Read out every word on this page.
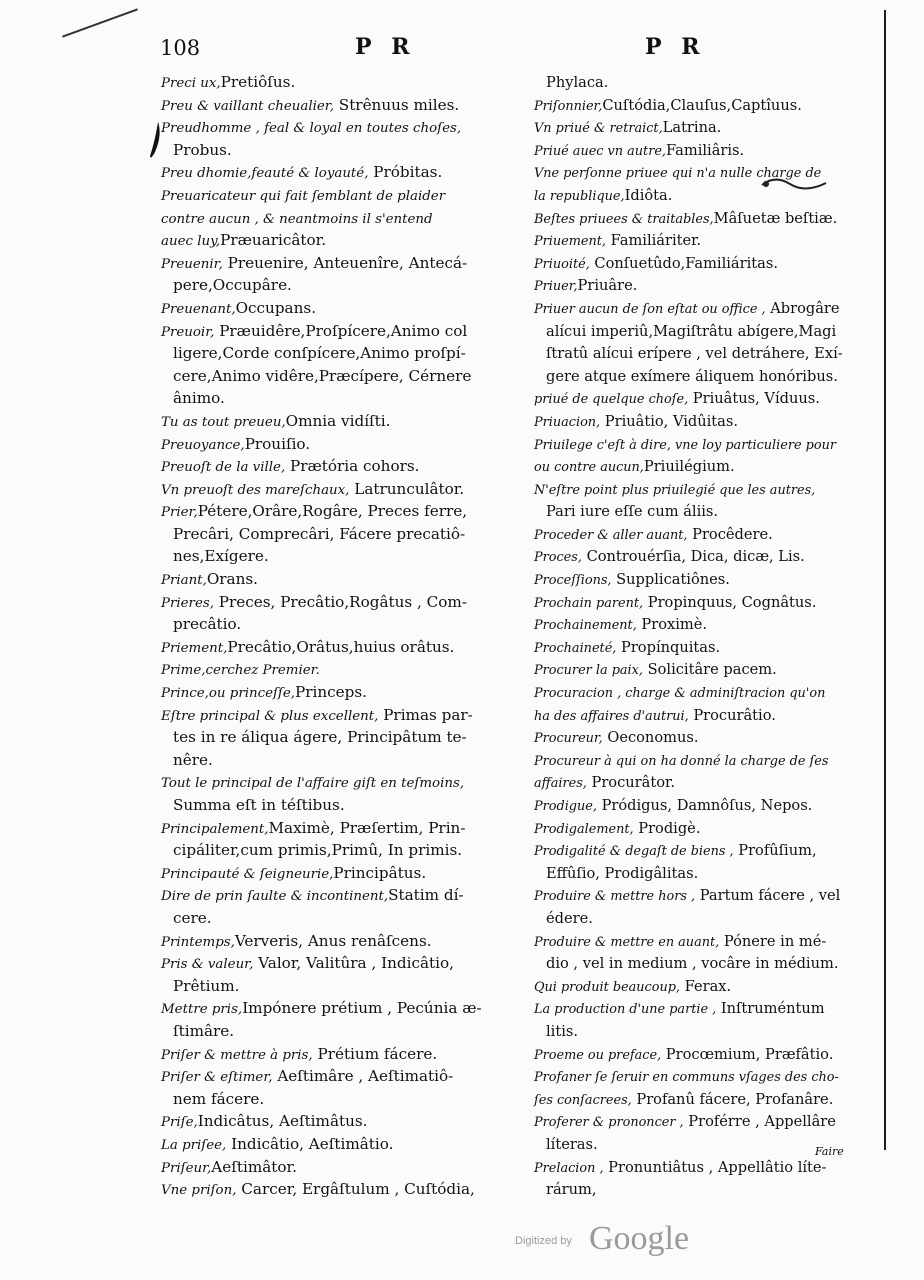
108	P R	P R
Preci ux,Pretiôſus.
Preu & vaillant cheualier, Strênuus miles.
Preudhomme , feal & loyal en toutes choſes,
Probus.
Preu dhomie,feauté & loyauté, Próbitas.
Preuaricateur qui fait ſemblant de plaider
contre aucun , & neantmoins il s'entend
auec luy,Præuaricâtor.
Preuenir, Preuenire, Anteuenîre, Antecá-
pere,Occupâre.
Preuenant,Occupans.
Preuoir, Præuidêre,Proſpícere,Animo col
ligere,Corde conſpícere,Animo proſpí-
cere,Animo vidêre,Præcípere, Cérnere
ânimo.
Tu as tout preueu,Omnia vidíſti.
Preuoyance,Prouiſio.
Preuoſt de la ville, Prætória cohors.
Vn preuoſt des mareſchaux, Latrunculâtor.
Prier,Pétere,Orâre,Rogâre, Preces ferre,
Precâri, Comprecâri, Fácere precatiô-
nes,Exígere.
Priant,Orans.
Prieres, Preces, Precâtio,Rogâtus , Com-
precâtio.
Priement,Precâtio,Orâtus,huius orâtus.
Prime,cerchez Premier.
Prince,ou princeſſe,Princeps.
Eſtre principal & plus excellent, Primas par-
tes in re áliqua ágere, Principâtum te-
nêre.
Tout le principal de l'affaire giſt en teſmoins,
Summa eſt in téſtibus.
Principalement,Maximè, Præſertim, Prin-
cipáliter,cum primis,Primû, In primis.
Principauté & ſeigneurie,Principâtus.
Dire de prin ſaulte & incontinent,Statim dí-
cere.
Printemps,Ververis, Anus renâſcens.
Pris & valeur, Valor, Valitûra , Indicâtio,
Prêtium.
Mettre pris,Impónere prétium , Pecúnia æ-
ſtimâre.
Priſer & mettre à pris, Prétium fácere.
Priſer & eſtimer, Aeſtimâre , Aeſtimatiô-
nem fácere.
Priſe,Indicâtus, Aeſtimâtus.
La priſee, Indicâtio, Aeſtimâtio.
Priſeur,Aeſtimâtor.
Vne priſon, Carcer, Ergâſtulum , Cuſtódia,
Phylaca.
Priſonnier,Cuſtódia,Clauſus,Captîuus.
Vn priué & retraict,Latrina.
Priué auec vn autre,Familiâris.
Vne perſonne priuee qui n'a nulle charge de
la republique,Idiôta.
Beſtes priuees & traitables,Mâſuetæ beſtiæ.
Priuement, Familiáriter.
Priuoité, Conſuetûdo,Familiáritas.
Priuer,Priuâre.
Priuer aucun de ſon eſtat ou office , Abrogâre
alícui imperiû,Magiſtrâtu abígere,Magi
ſtratû alícui erípere , vel detráhere, Exí-
gere atque exímere áliquem honóribus.
priué de quelque choſe, Priuâtus, Víduus.
Priuacion, Priuâtio, Vidûitas.
Priuilege c'eſt à dire, vne loy particuliere pour
ou contre aucun,Priuilégium.
N'eſtre point plus priuilegié que les autres,
Pari iure eſſe cum áliis.
Proceder & aller auant, Procêdere.
Proces, Controuérſia, Dica, dicæ, Lis.
Proceſſions, Supplicatiônes.
Prochain parent, Propinquus, Cognâtus.
Prochainement, Proximè.
Prochaineté, Propínquitas.
Procurer la paix, Solicitâre pacem.
Procuracion , charge & adminiſtracion qu'on
ha des affaires d'autrui, Procurâtio.
Procureur, Oeconomus.
Procureur à qui on ha donné la charge de ſes
affaires, Procurâtor.
Prodigue, Pródigus, Damnôſus, Nepos.
Prodigalement, Prodigè.
Prodigalité & degaſt de biens , Profûſium,
Effûſio, Prodigâlitas.
Produire & mettre hors , Partum fácere , vel
édere.
Produire & mettre en auant, Pónere in mé-
dio , vel in medium , vocâre in médium.
Qui produit beaucoup, Ferax.
La production d'une partie , Inſtruméntum
litis.
Proeme ou preface, Procœmium, Præfâtio.
Profaner ſe ſeruir en communs vſages des cho-
ſes conſacrees, Profanû fácere, Profanâre.
Proferer & prononcer , Proférre , Appellâre
líteras.
Prelacion , Pronuntiâtus , Appellâtio líte-
rárum,
Faire
Digitized by Google
